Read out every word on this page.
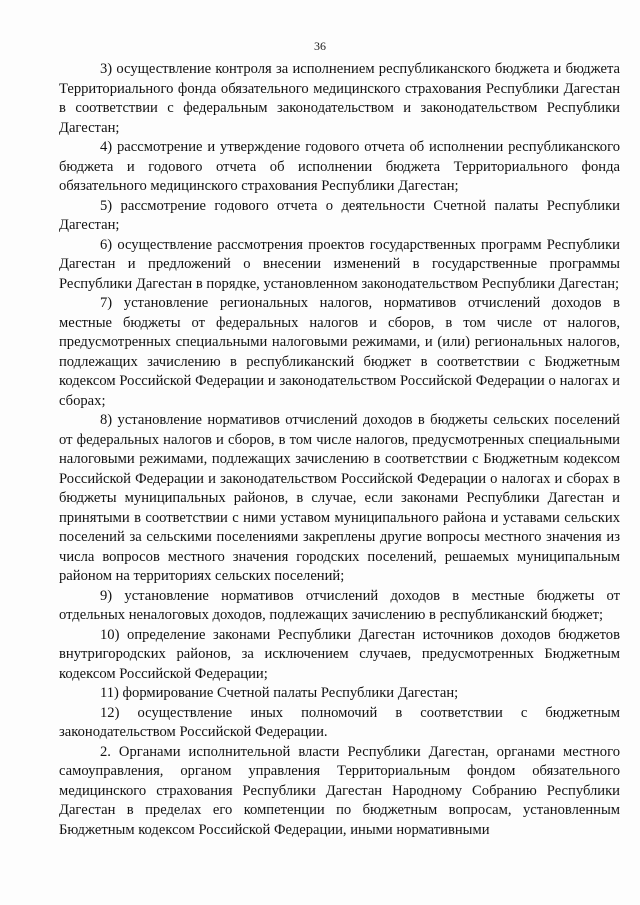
36

3) осуществление контроля за исполнением республиканского бюджета и бюджета Территориального фонда обязательного медицинского страхования Республики Дагестан в соответствии с федеральным законодательством и законодательством Республики Дагестан;

4) рассмотрение и утверждение годового отчета об исполнении республиканского бюджета и годового отчета об исполнении бюджета Территориального фонда обязательного медицинского страхования Республики Дагестан;

5) рассмотрение годового отчета о деятельности Счетной палаты Республики Дагестан;

6) осуществление рассмотрения проектов государственных программ Республики Дагестан и предложений о внесении изменений в государственные программы Республики Дагестан в порядке, установленном законодательством Республики Дагестан;

7) установление региональных налогов, нормативов отчислений доходов в местные бюджеты от федеральных налогов и сборов, в том числе от налогов, предусмотренных специальными налоговыми режимами, и (или) региональных налогов, подлежащих зачислению в республиканский бюджет в соответствии с Бюджетным кодексом Российской Федерации и законодательством Российской Федерации о налогах и сборах;

8) установление нормативов отчислений доходов в бюджеты сельских поселений от федеральных налогов и сборов, в том числе налогов, предусмотренных специальными налоговыми режимами, подлежащих зачислению в соответствии с Бюджетным кодексом Российской Федерации и законодательством Российской Федерации о налогах и сборах в бюджеты муниципальных районов, в случае, если законами Республики Дагестан и принятыми в соответствии с ними уставом муниципального района и уставами сельских поселений за сельскими поселениями закреплены другие вопросы местного значения из числа вопросов местного значения городских поселений, решаемых муниципальным районом на территориях сельских поселений;

9) установление нормативов отчислений доходов в местные бюджеты от отдельных неналоговых доходов, подлежащих зачислению в республиканский бюджет;

10) определение законами Республики Дагестан источников доходов бюджетов внутригородских районов, за исключением случаев, предусмотренных Бюджетным кодексом Российской Федерации;

11) формирование Счетной палаты Республики Дагестан;

12) осуществление иных полномочий в соответствии с бюджетным законодательством Российской Федерации.

2. Органами исполнительной власти Республики Дагестан, органами местного самоуправления, органом управления Территориальным фондом обязательного медицинского страхования Республики Дагестан Народному Собранию Республики Дагестан в пределах его компетенции по бюджетным вопросам, установленным Бюджетным кодексом Российской Федерации, иными нормативными
